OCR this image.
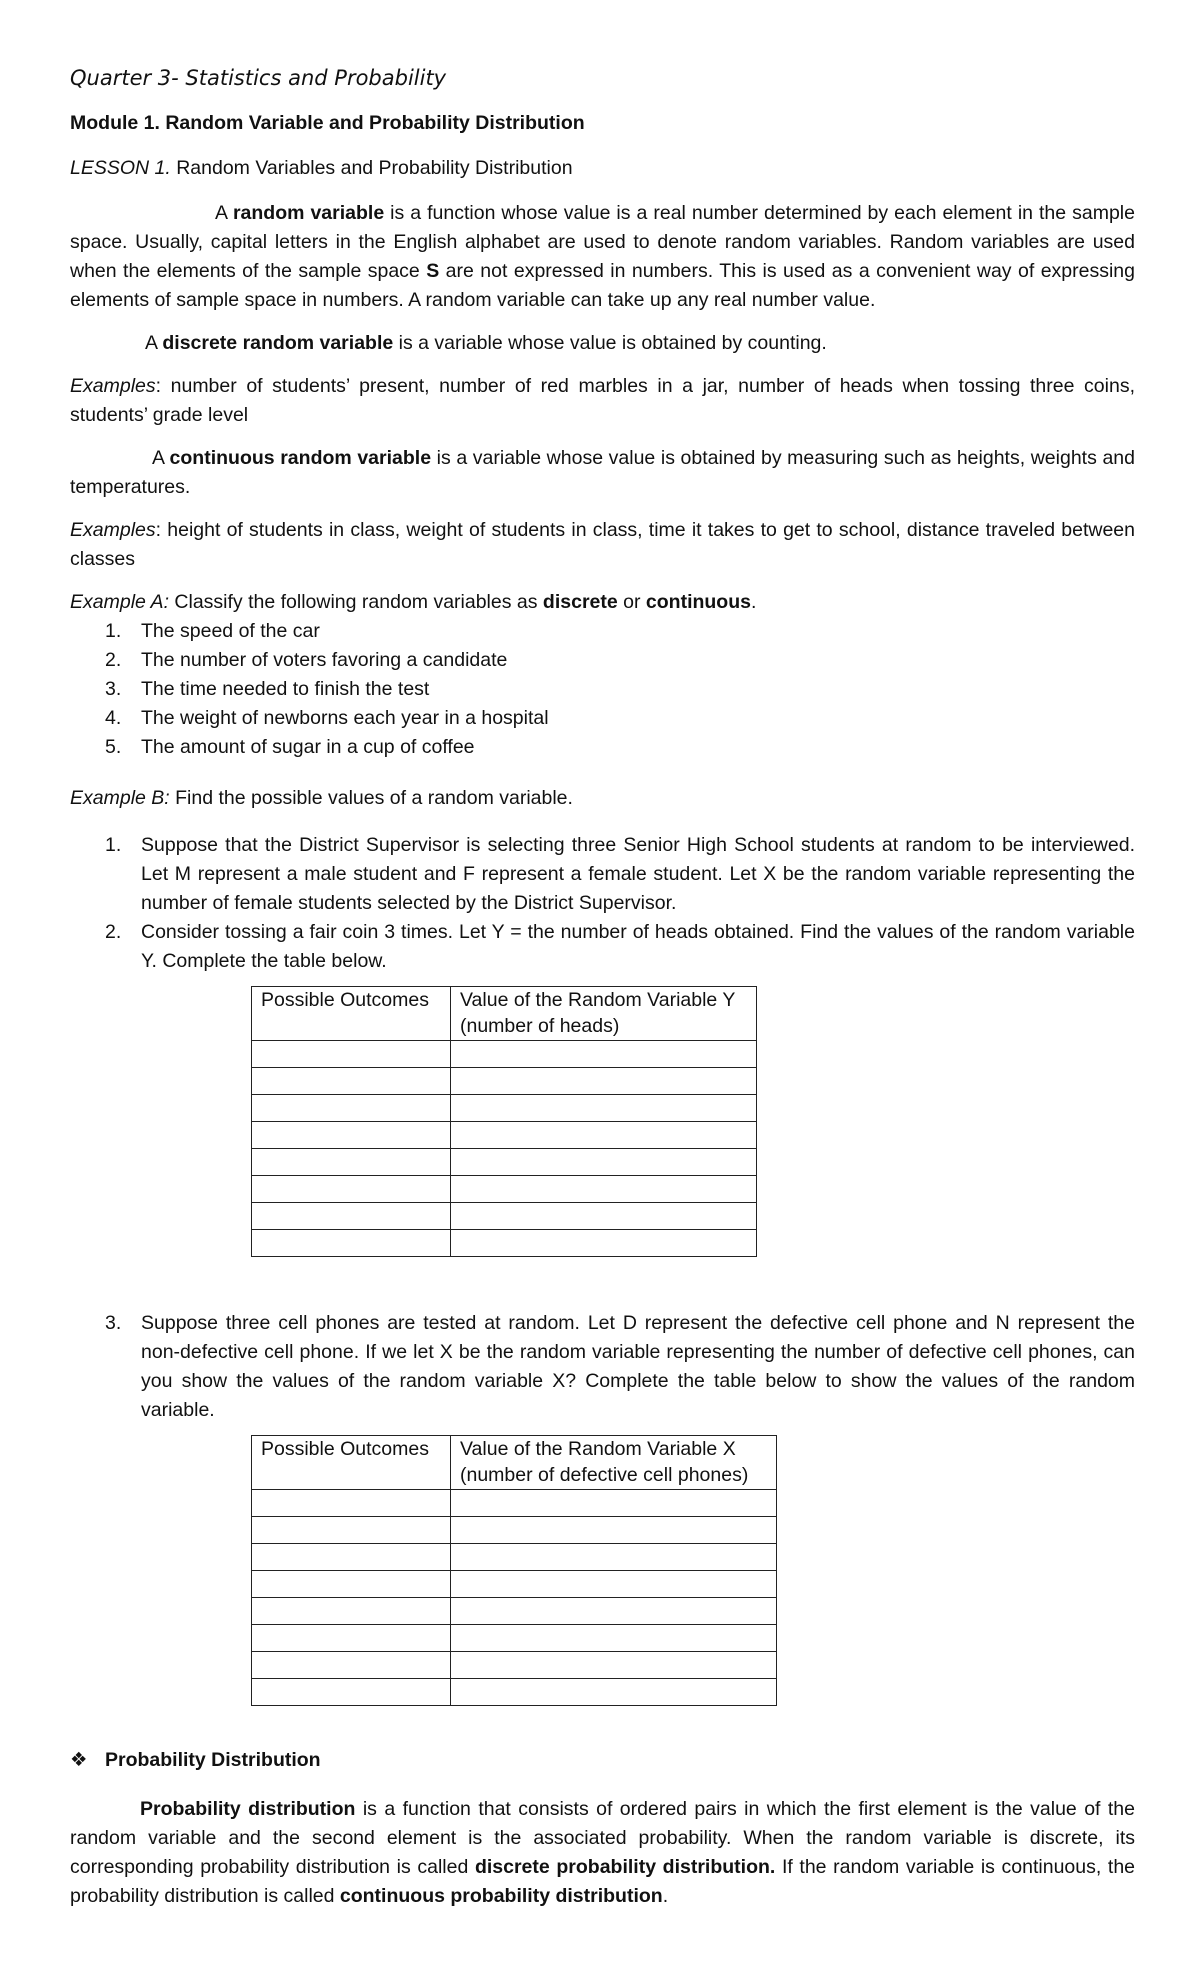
Quarter 3- Statistics and Probability
Module 1. Random Variable and Probability Distribution
LESSON 1. Random Variables and Probability Distribution

A random variable is a function whose value is a real number determined by each element in the sample space. Usually, capital letters in the English alphabet are used to denote random variables. Random variables are used when the elements of the sample space S are not expressed in numbers. This is used as a convenient way of expressing elements of sample space in numbers. A random variable can take up any real number value.

A discrete random variable is a variable whose value is obtained by counting.

Examples: number of students’ present, number of red marbles in a jar, number of heads when tossing three coins, students’ grade level

A continuous random variable is a variable whose value is obtained by measuring such as heights, weights and temperatures.

Examples: height of students in class, weight of students in class, time it takes to get to school, distance traveled between classes

Example A: Classify the following random variables as discrete or continuous.
1. The speed of the car
2. The number of voters favoring a candidate
3. The time needed to finish the test
4. The weight of newborns each year in a hospital
5. The amount of sugar in a cup of coffee

Example B: Find the possible values of a random variable.

1. Suppose that the District Supervisor is selecting three Senior High School students at random to be interviewed. Let M represent a male student and F represent a female student. Let X be the random variable representing the number of female students selected by the District Supervisor.
2. Consider tossing a fair coin 3 times. Let Y = the number of heads obtained. Find the values of the random variable Y. Complete the table below.
Possible Outcomes	Value of the Random Variable Y
(number of heads)

3. Suppose three cell phones are tested at random. Let D represent the defective cell phone and N represent the non-defective cell phone. If we let X be the random variable representing the number of defective cell phones, can you show the values of the random variable X? Complete the table below to show the values of the random variable.
Possible Outcomes	Value of the Random Variable X
(number of defective cell phones)

❖ Probability Distribution

Probability distribution is a function that consists of ordered pairs in which the first element is the value of the random variable and the second element is the associated probability. When the random variable is discrete, its corresponding probability distribution is called discrete probability distribution. If the random variable is continuous, the probability distribution is called continuous probability distribution.
